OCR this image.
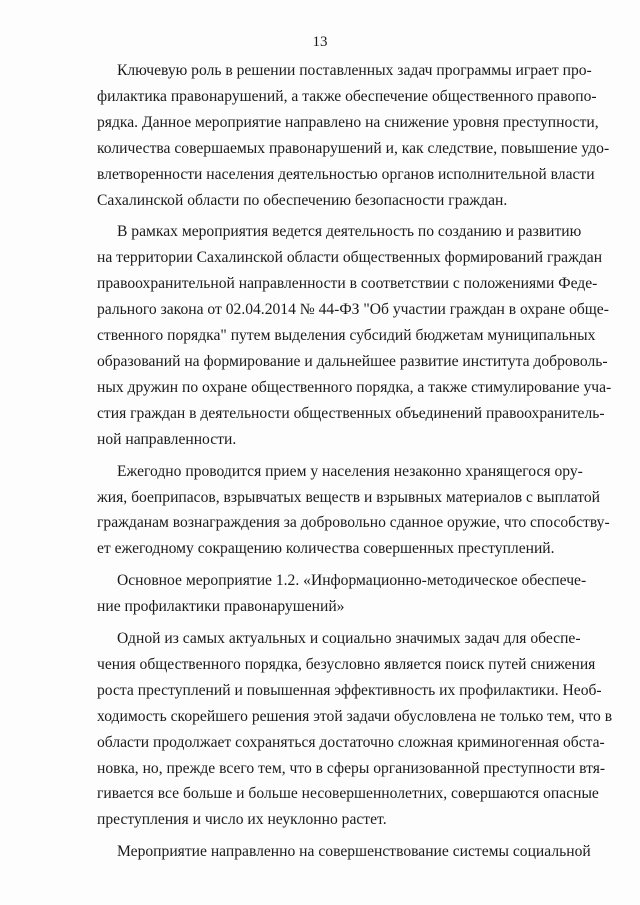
13

Ключевую роль в решении поставленных задач программы играет про-
филактика правонарушений, а также обеспечение общественного правопо-
рядка. Данное мероприятие направлено на снижение уровня преступности,
количества совершаемых правонарушений и, как следствие, повышение удо-
влетворенности населения деятельностью органов исполнительной власти
Сахалинской области по обеспечению безопасности граждан.

В рамках мероприятия ведется деятельность по созданию и развитию
на территории Сахалинской области общественных формирований граждан
правоохранительной направленности в соответствии с положениями Феде-
рального закона от 02.04.2014 № 44-ФЗ "Об участии граждан в охране обще-
ственного порядка" путем выделения субсидий бюджетам муниципальных
образований на формирование и дальнейшее развитие института доброволь-
ных дружин по охране общественного порядка, а также стимулирование уча-
стия граждан в деятельности общественных объединений правоохранитель-
ной направленности.

Ежегодно проводится прием у населения незаконно хранящегося ору-
жия, боеприпасов, взрывчатых веществ и взрывных материалов с выплатой
гражданам вознаграждения за добровольно сданное оружие, что способству-
ет ежегодному сокращению количества совершенных преступлений.

Основное мероприятие 1.2. «Информационно-методическое обеспече-
ние профилактики правонарушений»

Одной из самых актуальных и социально значимых задач для обеспе-
чения общественного порядка, безусловно является поиск путей снижения
роста преступлений и повышенная эффективность их профилактики. Необ-
ходимость скорейшего решения этой задачи обусловлена не только тем, что в
области продолжает сохраняться достаточно сложная криминогенная обста-
новка, но, прежде всего тем, что в сферы организованной преступности втя-
гивается все больше и больше несовершеннолетних, совершаются опасные
преступления и число их неуклонно растет.

Мероприятие направленно на совершенствование системы социальной
